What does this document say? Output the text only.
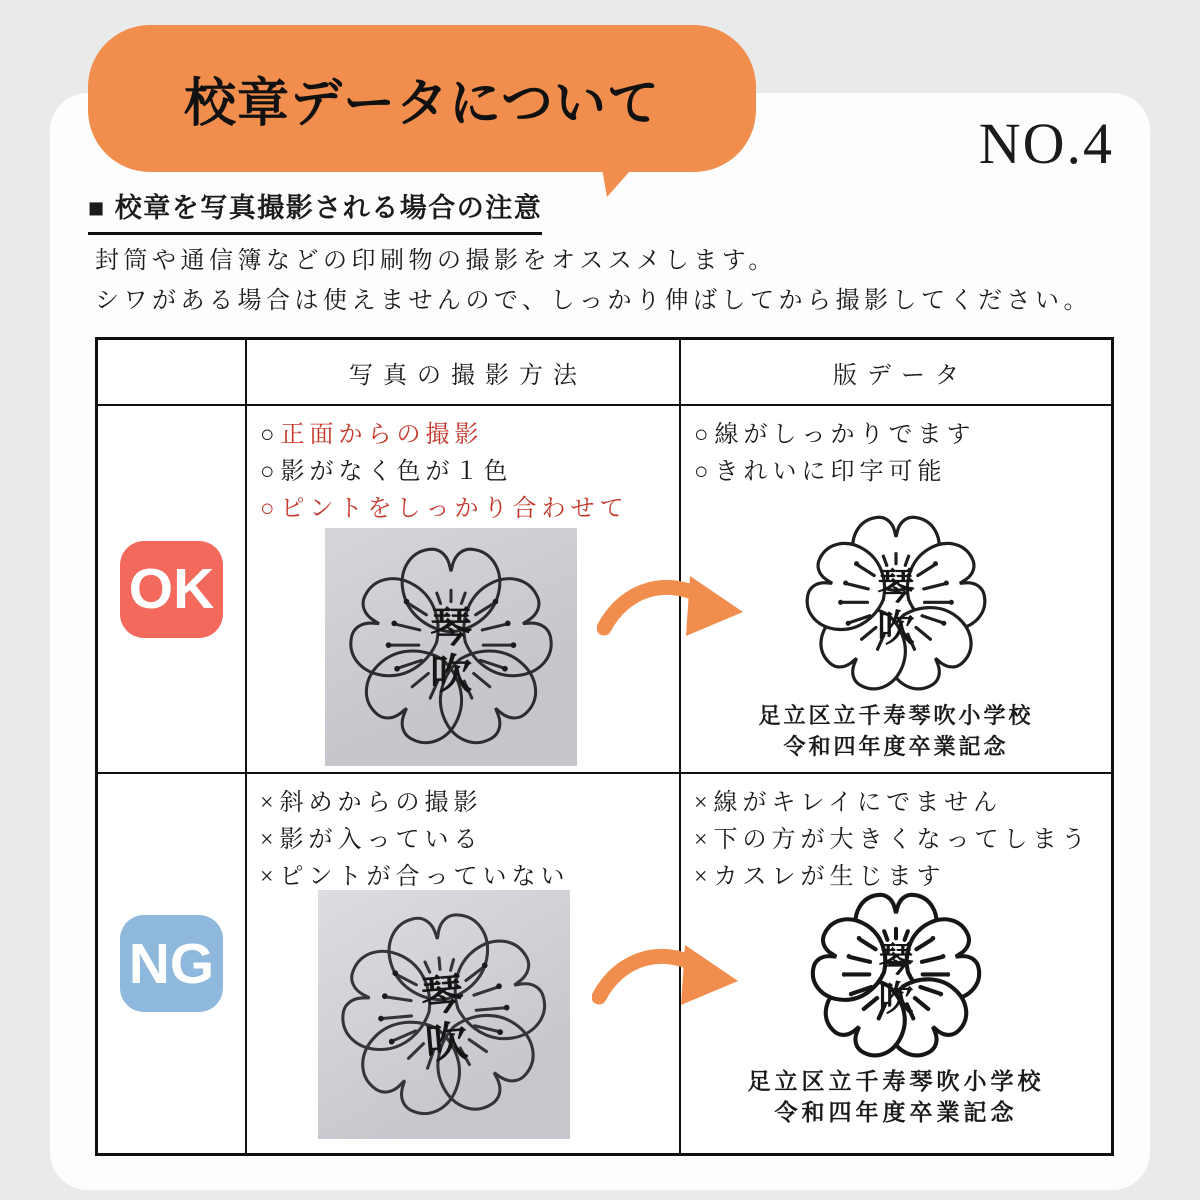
校章データについて
NO.4
■ 校章を写真撮影される場合の注意
封筒や通信簿などの印刷物の撮影をオススメします。
シワがある場合は使えませんので、しっかり伸ばしてから撮影してください。
写真の撮影方法	版データ
OK
○正面からの撮影
○影がなく色が１色
○ピントをしっかり合わせて
○線がしっかりでます
○きれいに印字可能
足立区立千寿琴吹小学校
令和四年度卒業記念
NG
×斜めからの撮影
×影が入っている
×ピントが合っていない
×線がキレイにでません
×下の方が大きくなってしまう
×カスレが生じます
足立区立千寿琴吹小学校
令和四年度卒業記念
